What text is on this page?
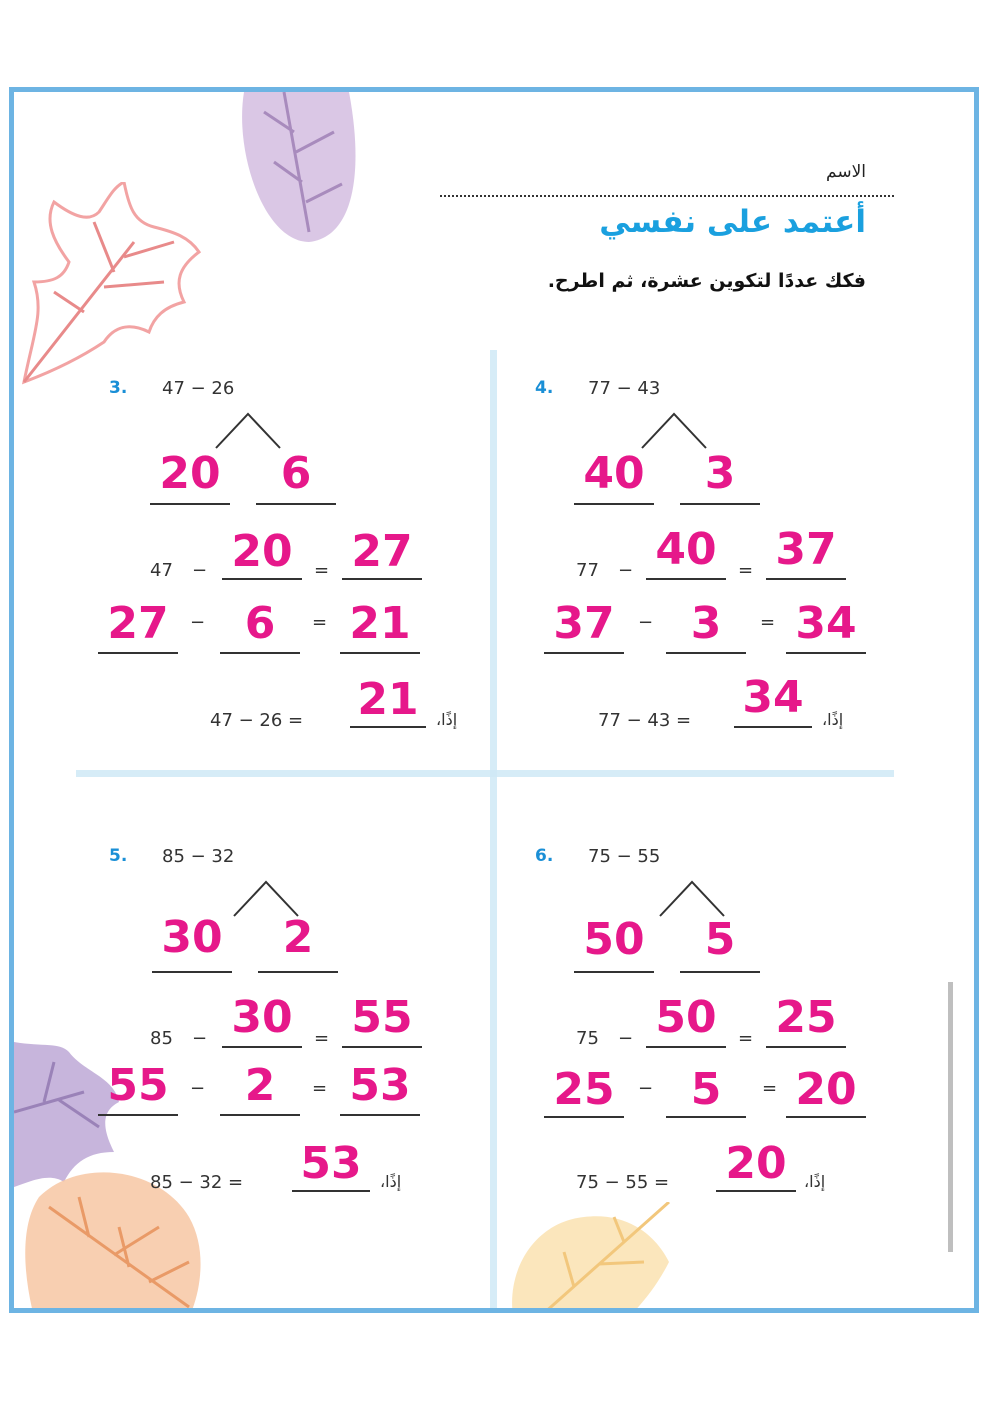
الاسم
أعتمد على نفسي
فكك عددًا لتكوين عشرة، ثم اطرح.
3. 47 − 26
20	6
47 − 20	= 27
27	− 6	= 21
47 − 26 = 21	إذًا،
4. 77 − 43
40	3
77 − 40	= 37
37	− 3	= 34
77 − 43 = 34	إذًا،
5. 85 − 32
30	2
85 − 30	= 55
55	− 2	= 53
85 − 32 = 53	إذًا،
6. 75 − 55
50	5
75 − 50	= 25
25	− 5	= 20
75 − 55 = 20	إذًا،
